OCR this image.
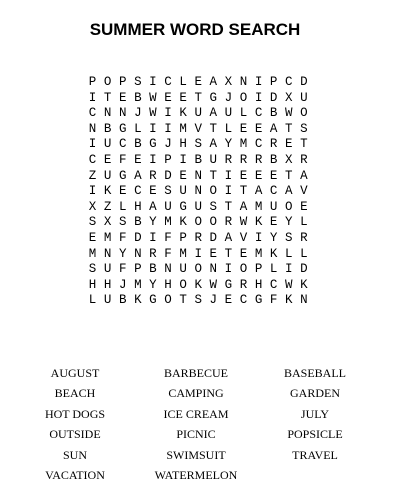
SUMMER WORD SEARCH
P O P S I C L E A X N I P C D
I T E B W E E T G J O I D X U
C N N J W I K U A U L C B W O
N B G L I I M V T L E E A T S
I U C B G J H S A Y M C R E T
C E F E I P I B U R R R B X R
Z U G A R D E N T I E E E T A
I K E C E S U N O I T A C A V
X Z L H A U G U S T A M U O E
S X S B Y M K O O R W K E Y L
E M F D I F P R D A V I Y S R
M N Y N R F M I E T E M K L L
S U F P B N U O N I O P L I D
H H J M Y H O K W G R H C W K
L U B K G O T S J E C G F K N
AUGUST	BARBECUE	BASEBALL
BEACH	CAMPING	GARDEN
HOT DOGS	ICE CREAM	JULY
OUTSIDE	PICNIC	POPSICLE
SUN	SWIMSUIT	TRAVEL
VACATION	WATERMELON
